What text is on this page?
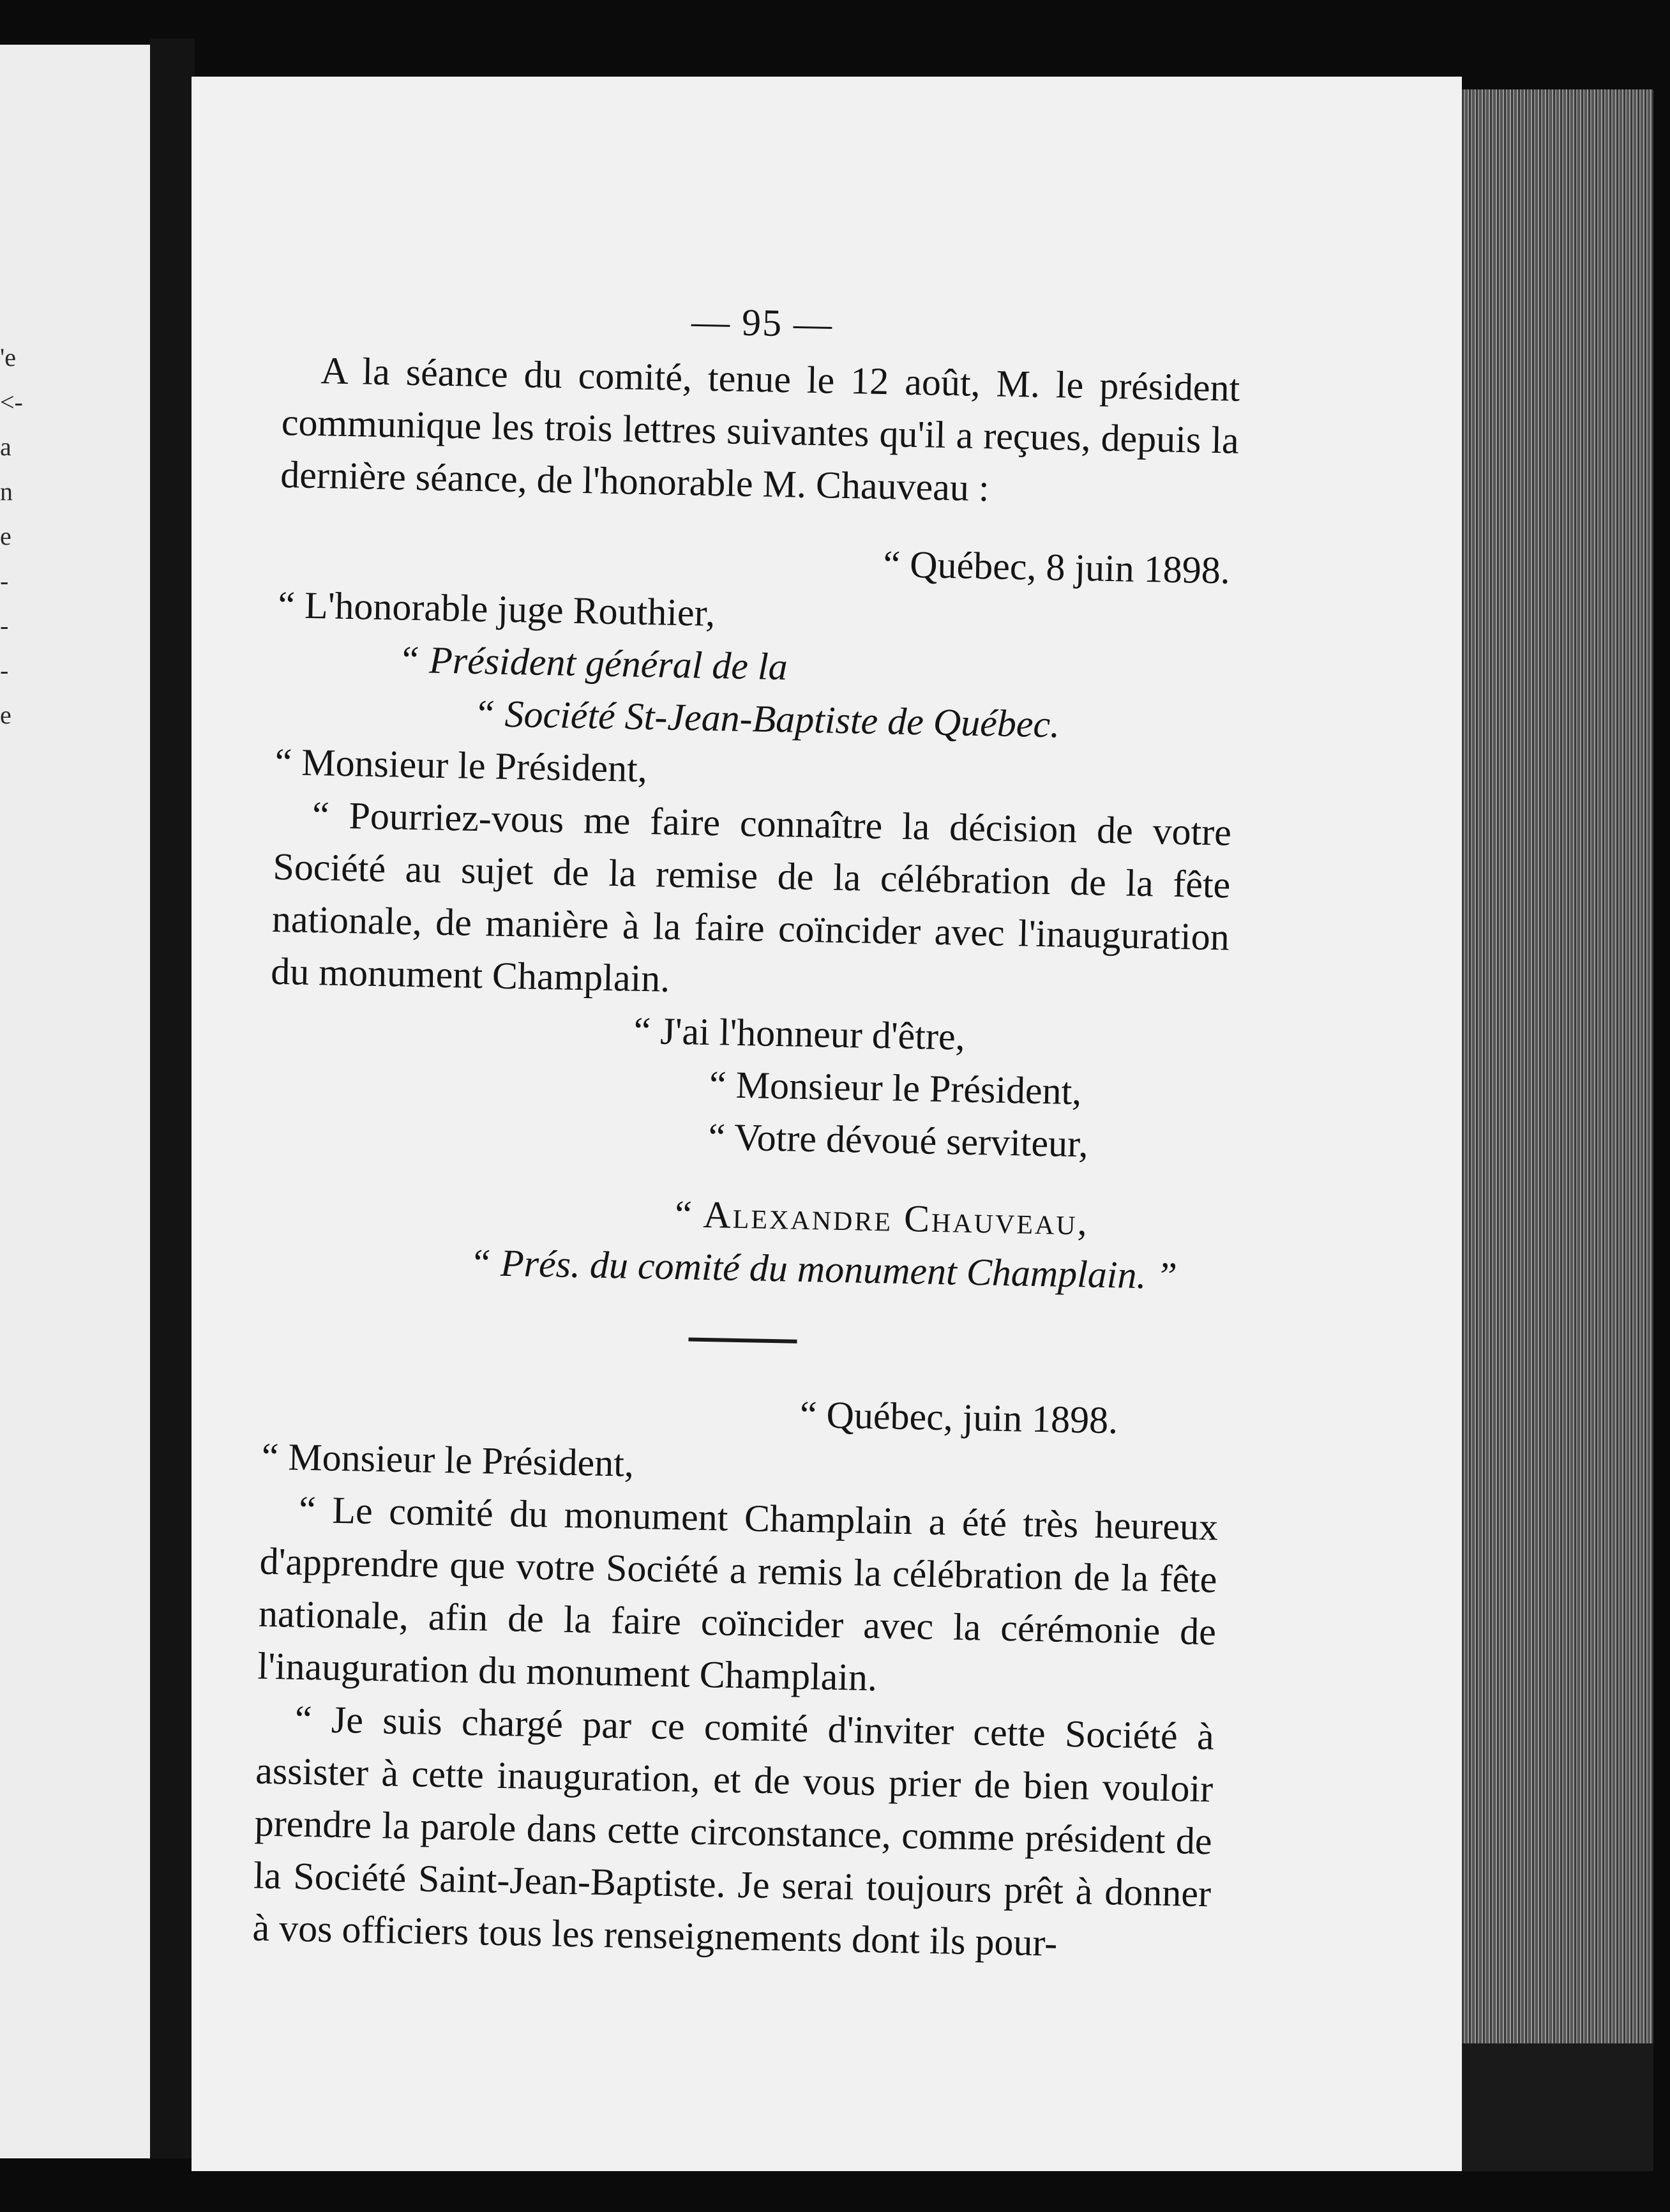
'e
<-
a
n
e
-
-
-
e

— 95 —

A la séance du comité, tenue le 12 août, M. le président communique les trois lettres suivantes qu'il a reçues, depuis la dernière séance, de l'honorable M. Chauveau :

“ Québec, 8 juin 1898.

“ L'honorable juge Routhier,

“ Président général de la

“ Société St-Jean-Baptiste de Québec.

“ Monsieur le Président,

“ Pourriez-vous me faire connaître la décision de votre Société au sujet de la remise de la célébration de la fête nationale, de manière à la faire coïncider avec l'inauguration du monument Champlain.

“ J'ai l'honneur d'être,

“ Monsieur le Président,

“ Votre dévoué serviteur,

“ Alexandre Chauveau,

“ Prés. du comité du monument Champlain. ”

“ Québec, juin 1898.

“ Monsieur le Président,

“ Le comité du monument Champlain a été très heureux d'apprendre que votre Société a remis la célébration de la fête nationale, afin de la faire coïncider avec la cérémonie de l'inauguration du monument Champlain.

“ Je suis chargé par ce comité d'inviter cette Société à assister à cette inauguration, et de vous prier de bien vouloir prendre la parole dans cette circonstance, comme président de la Société Saint-Jean-Baptiste. Je serai toujours prêt à donner à vos officiers tous les renseignements dont ils pour-
